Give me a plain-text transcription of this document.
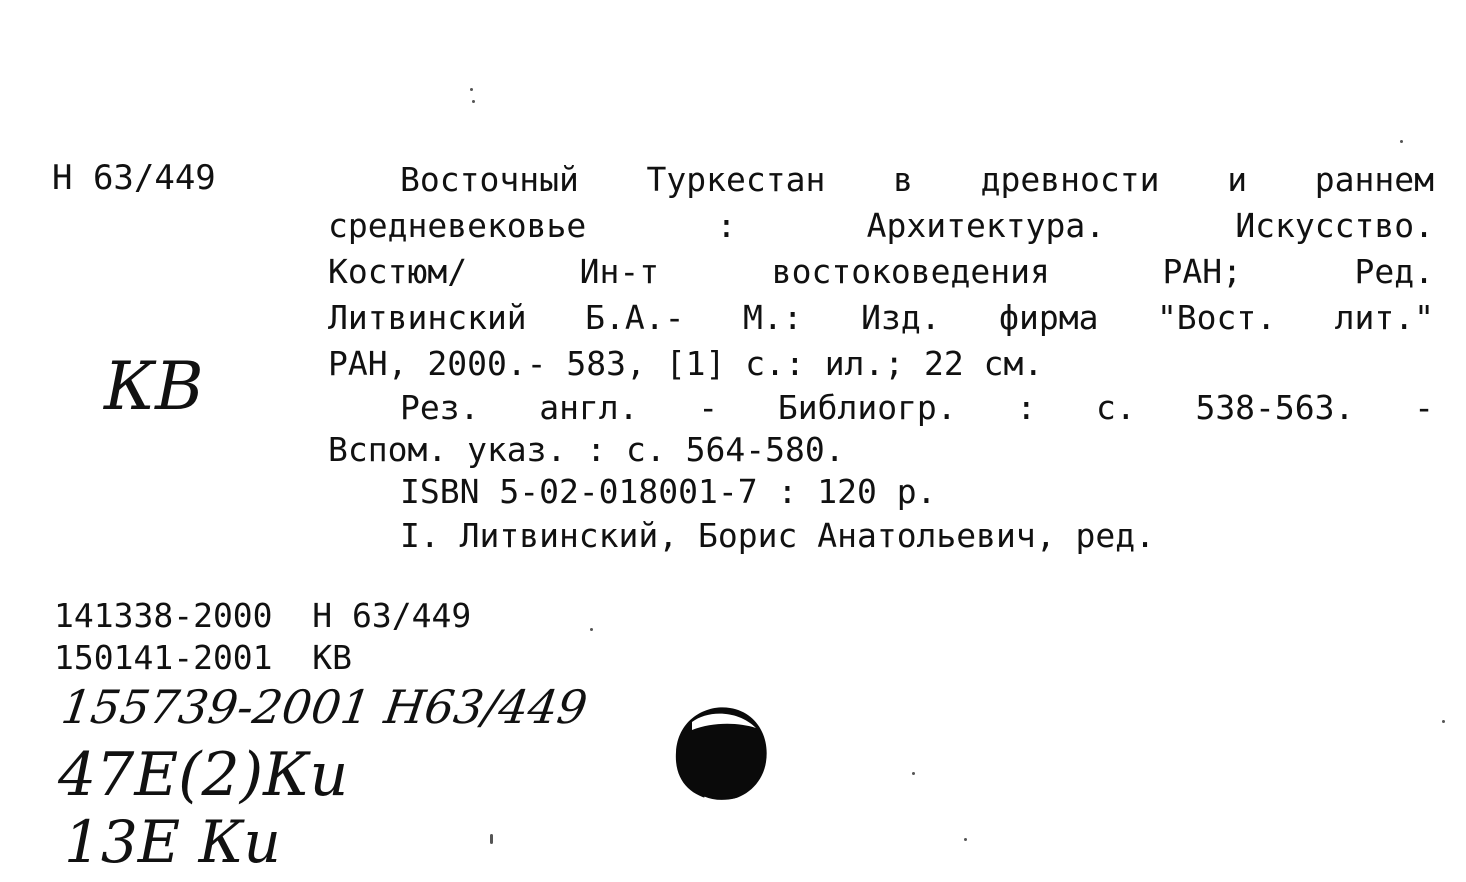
Н 63/449
КВ
Восточный Туркестан в древности и раннем
средневековье : Архитектура. Искусство.
Костюм/ Ин-т востоковедения РАН; Ред.
Литвинский Б.А.- М.: Изд. фирма "Вост. лит."
РАН, 2000.- 583, [1] с.: ил.; 22 см.
Рез. англ. - Библиогр. : с. 538-563. -
Вспом. указ. : с. 564-580.
ISBN 5-02-018001-7 : 120 р.
I. Литвинский, Борис Анатольевич, ред.
141338-2000  Н 63/449
150141-2001  КВ
155739-2001 Н63/449
47Е(2)Ки
13Е Ки
